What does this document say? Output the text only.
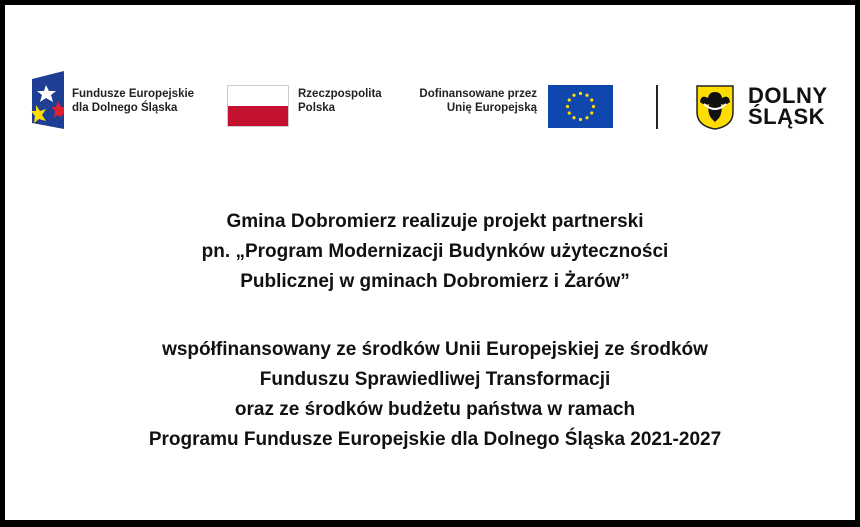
Fundusze Europejskie
dla Dolnego Śląska
Rzeczpospolita
Polska
Dofinansowane przez
Unię Europejską	DOLNY
ŚLĄSK
Gmina Dobromierz realizuje projekt partnerski
pn. „Program Modernizacji Budynków użyteczności
Publicznej w gminach Dobromierz i Żarów”
współfinansowany ze środków Unii Europejskiej ze środków
Funduszu Sprawiedliwej Transformacji
oraz ze środków budżetu państwa w ramach
Programu Fundusze Europejskie dla Dolnego Śląska 2021-2027
